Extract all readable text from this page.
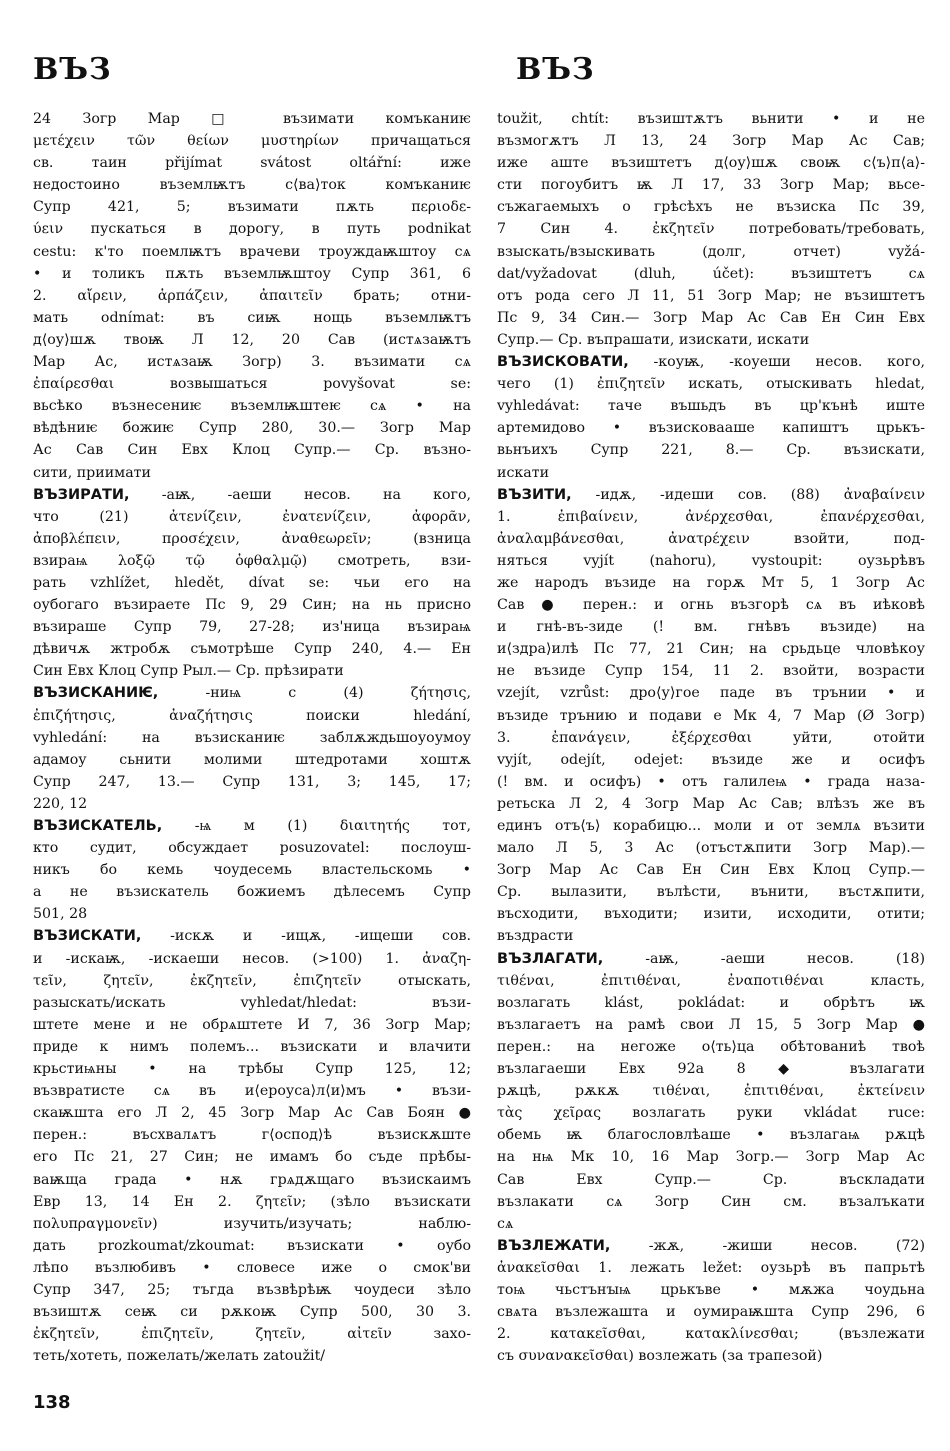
ВЪЗ	ВЪЗ
24 Зогр Мар □ възимати комъканиѥ
μετέχειν τῶν θείων μυστηρίων причащаться
св. таин přijímat svátost oltářní: иже
недостоино въземлѭтъ с⟨ва⟩ток комъканиѥ
Супр 421, 5; възимати пѫть περιοδε-
ύειν пускаться в дорогу, в путь podnikat
cestu: к'то поемлѭтъ врачеви троуждаѭштоу сѧ
• и толикъ пѫть въземлѭштоу Супр 361, 6
2. αἴρειν, ἁρπάζειν, ἀπαιτεῖν брать; отни-
мать odnímat: въ сиѭ нощь въземлѭтъ
д⟨оу⟩шѫ твоѭ Л 12, 20 Сав (истѧзаѭтъ
Мар Ас, истѧзаѭ Зогр) 3. възимати сѧ
ἐπαίρεσθαι возвышаться povyšovat se:
вьсѣко възнесениѥ въземлѭштеѥ сѧ • на
вѣдѣниѥ божиѥ Супр 280, 30.— Зогр Мар
Ас Сав Син Евх Клоц Супр.— Ср. възно-
сити, приимати
ВЪЗИРАТИ, -аѭ, -аеши несов. на кого,
что (21) ἀτενίζειν, ἐνατενίζειν, ἀφορᾶν,
ἀποβλέπειν, προσέχειν, ἀναθεωρεῖν; (взница
взираѩ λοξῷ τῷ ὀφθαλμῷ) смотреть, взи-
рать vzhlížet, hledět, dívat se: чьи его на
оубогаго възираете Пс 9, 29 Син; на нь присно
възираше Супр 79, 27-28; из'ница възираѩ
дѣвичѫ жтробѫ съмотрѣше Супр 240, 4.— Ен
Син Евх Клоц Супр Рыл.— Ср. прѣзирати
ВЪЗИСКАНИѤ, -ниѩ с (4) ζήτησις,
ἐπιζήτησις, ἀναζήτησις поиски hledání,
vyhledání: на възисканиѥ заблѫждьшоуоумоу
адамоу сьнити молими штедротами хоштѫ
Супр 247, 13.— Супр 131, 3; 145, 17;
220, 12
ВЪЗИСКАТЕЛЬ, -ѩ м (1) διαιτητής тот,
кто судит, обсуждает posuzovatel: послоуш-
никъ бо кемь чоудесемь властельскомь •
а не възискатель божиемъ дѣлесемъ Супр
501, 28
ВЪЗИСКАТИ, -искѫ и -ищѫ, -ищеши сов.
и -искаѭ, -искаеши несов. (>100) 1. ἀναζη-
τεῖν, ζητεῖν, ἐκζητεῖν, ἐπιζητεῖν отыскать,
разыскать/искать vyhledat/hledat: възи-
штете мене и не обрѧштете И 7, 36 Зогр Мар;
приде к нимъ полемъ... възискати и влачити
крьстиѩны • на трѣбы Супр 125, 12;
възвратисте сѧ въ и⟨ероуса⟩л⟨и⟩мъ • възи-
скаѭшта его Л 2, 45 Зогр Мар Ас Сав Боян ●
перен.: въсхвалѧтъ г⟨оспод⟩ѣ възискѫште
его Пс 21, 27 Син; не имамъ бо съде прѣбы-
ваѭща града • нѫ грѧдѫщаго възискаимъ
Евр 13, 14 Ен 2. ζητεῖν; (зѣло възискати
πολυπραγμονεῖν) изучить/изучать; наблю-
дать prozkoumat/zkoumat: възискати • оубо
лѣпо възлюбивъ • словесе иже о смок'ви
Супр 347, 25; тъгда възвѣрѣѭ чоудеси зѣло
възиштѫ сеѭ си рѫкоѭ Супр 500, 30 3.
ἐκζητεῖν, ἐπιζητεῖν, ζητεῖν, αἰτεῖν захо-
теть/хотеть, пожелать/желать zatoužit/
toužit, chtít: възиштѫтъ вьнити • и не
възмогѫтъ Л 13, 24 Зогр Мар Ас Сав;
иже аште възиштетъ д⟨оу⟩шѫ своѭ с⟨ъ⟩п⟨а⟩-
сти погоубитъ ѭ Л 17, 33 Зогр Мар; вьсе-
съжагаемыхъ о грѣсѣхъ не възиска Пс 39,
7 Син 4. ἐκζητεῖν потребовать/требовать,
взыскать/взыскивать (долг, отчет) vyžá-
dat/vyžadovat (dluh, účet): възиштетъ сѧ
отъ рода сего Л 11, 51 Зогр Мар; не възиштетъ
Пс 9, 34 Син.— Зогр Мар Ас Сав Ен Син Евх
Супр.— Ср. въпрашати, изискати, искати
ВЪЗИСКОВАТИ, -коуѭ, -коуеши несов. кого,
чего (1) ἐπιζητεῖν искать, отыскивать hledat,
vyhledávat: таче въшьдъ въ цр'кънѣ иште
артемидово • възисковааше капиштъ црькъ-
вьнъихъ Супр 221, 8.— Ср. възискати,
искати
ВЪЗИТИ, -идѫ, -идеши сов. (88) ἀναβαίνειν
1. ἐπιβαίνειν, ἀνέρχεσθαι, ἐπανέρχεσθαι,
ἀναλαμβάνεσθαι, ἀνατρέχειν взойти, под-
няться vyjít (nahoru), vystoupit: оузьрѣвъ
же народъ възиде на горѫ Мт 5, 1 Зогр Ас
Сав ● перен.: и огнь възгорѣ сѧ въ иѣковѣ
и гнѣ-въ-зиде (! вм. гнѣвъ възиде) на
и⟨здра⟩илѣ Пс 77, 21 Син; на срьдьце чловѣкоу
не възиде Супр 154, 11 2. взойти, возрасти
vzejít, vzrůst: дро⟨у⟩гое паде въ трънии • и
възиде трънию и подави е Мк 4, 7 Мар (Ø Зогр)
3. ἐπανάγειν, ἐξέρχεσθαι уйти, отойти
vyjít, odejít, odejet: възиде же и осифъ
(! вм. и осифъ) • отъ галилеѩ • града наза-
ретьска Л 2, 4 Зогр Мар Ас Сав; влѣзъ же въ
единъ отъ⟨ъ⟩ корабицю... моли и от землѧ възити
мало Л 5, 3 Ас (отъстѫпити Зогр Мар).—
Зогр Мар Ас Сав Ен Син Евх Клоц Супр.—
Ср. вылазити, вълѣсти, вънити, въстѫпити,
въсходити, въходити; изити, исходити, отити;
въздрасти
ВЪЗЛАГАТИ, -аѭ, -аеши несов. (18)
τιθέναι, ἐπιτιθέναι, ἐναποτιθέναι класть,
возлагать klást, pokládat: и обрѣтъ ѭ
възлагаетъ на рамѣ свои Л 15, 5 Зогр Мар ●
перен.: на негоже о⟨ть⟩ца обѣтованиѣ твоѣ
възлагаеши Евх 92а 8 ◆ възлагати
рѫцѣ, рѫкѫ τιθέναι, ἐπιτιθέναι, ἐκτείνειν
τὰς χεῖρας возлагать руки vkládat ruce:
обемь ѭ благословлѣаше • възлагаѩ рѫцѣ
на нѩ Мк 10, 16 Мар Зогр.— Зогр Мар Ас
Сав Евх Супр.— Ср. въскладати
възлакати сѧ Зогр Син см. възалъкати
сѧ
ВЪЗЛЕЖАТИ, -жѫ, -жиши несов. (72)
ἀνακεῖσθαι 1. лежать ležet: оузьрѣ въ папрьтѣ
тоѩ чьстънꙑѩ црькъве • мѫжа чоудьна
свѧта възлежашта и оумираѭшта Супр 296, 6
2. κατακεῖσθαι, κατακλίνεσθαι; (възлежати
съ συνανακεῖσθαι) возлежать (за трапезой)
138
